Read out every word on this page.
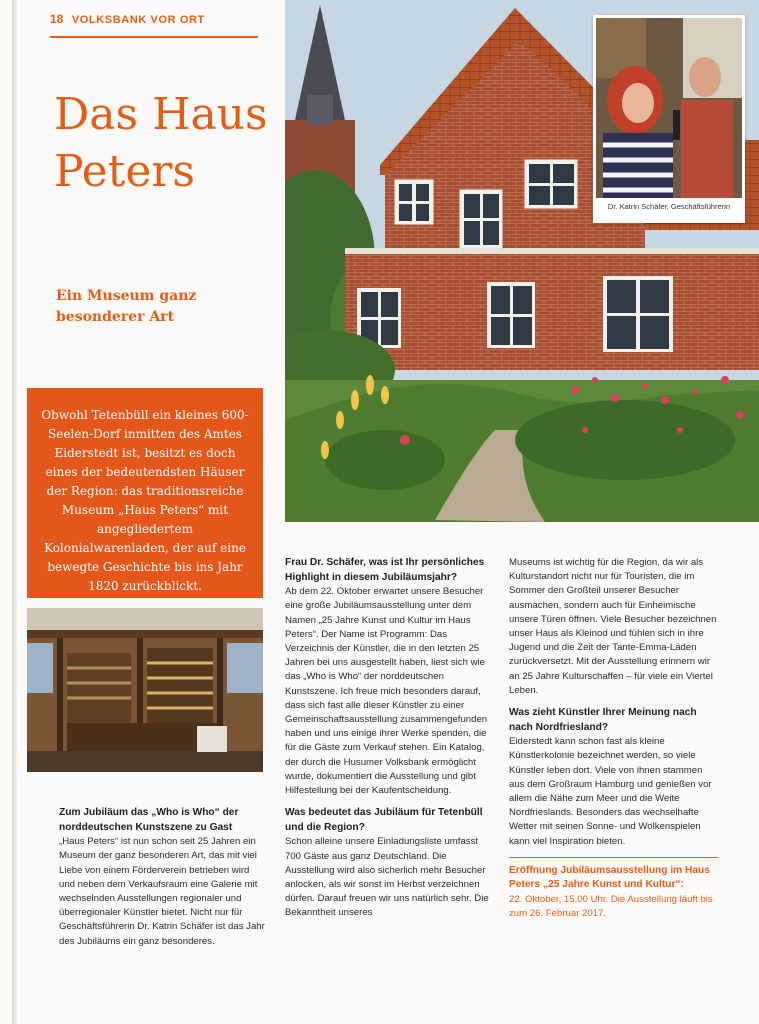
18 VOLKSBANK VOR ORT
Das Haus Peters

Ein Museum ganz besonderer Art

Obwohl Tetenbüll ein kleines 600-Seelen-Dorf inmitten des Amtes Eiderstedt ist, besitzt es doch eines der bedeutendsten Häuser der Region: das traditionsreiche Museum „Haus Peters“ mit angegliedertem Kolonialwarenladen, der auf eine bewegte Geschichte bis ins Jahr 1820 zurückblickt.

Dr. Katrin Schäfer, Geschäftsführerin

Zum Jubiläum das „Who is Who“ der norddeutschen Kunstszene zu Gast

„Haus Peters“ ist nun schon seit 25 Jahren ein Museum der ganz besonderen Art, das mit viel Liebe von einem Förderverein betrieben wird und neben dem Verkaufsraum eine Galerie mit wechselnden Ausstellungen regionaler und überregionaler Künstler bietet. Nicht nur für Geschäftsführerin Dr. Katrin Schäfer ist das Jahr des Jubiläums ein ganz besonderes.

Frau Dr. Schäfer, was ist Ihr persönliches Highlight in diesem Jubiläumsjahr?

Ab dem 22. Oktober erwartet unsere Besucher eine große Jubiläumsausstellung unter dem Namen „25 Jahre Kunst und Kultur im Haus Peters“. Der Name ist Programm: Das Verzeichnis der Künstler, die in den letzten 25 Jahren bei uns ausgestellt haben, liest sich wie das „Who is Who“ der norddeutschen Kunstszene. Ich freue mich besonders darauf, dass sich fast alle dieser Künstler zu einer Gemeinschaftsausstellung zusammengefunden haben und uns einige ihrer Werke spenden, die für die Gäste zum Verkauf stehen. Ein Katalog, der durch die Husumer Volksbank ermöglicht wurde, dokumentiert die Ausstellung und gibt Hilfestellung bei der Kaufentscheidung.

Was bedeutet das Jubiläum für Tetenbüll und die Region?

Schon alleine unsere Einladungsliste umfasst 700 Gäste aus ganz Deutschland. Die Ausstellung wird also sicherlich mehr Besucher anlocken, als wir sonst im Herbst verzeichnen dürfen. Darauf freuen wir uns natürlich sehr. Die Bekanntheit unseres

Museums ist wichtig für die Region, da wir als Kulturstandort nicht nur für Touristen, die im Sommer den Großteil unserer Besucher ausmachen, sondern auch für Einheimische unsere Türen öffnen. Viele Besucher bezeichnen unser Haus als Kleinod und fühlen sich in ihre Jugend und die Zeit der Tante-Emma-Läden zurückversetzt. Mit der Ausstellung erinnern wir an 25 Jahre Kulturschaffen – für viele ein Viertel Leben.

Was zieht Künstler Ihrer Meinung nach nach Nordfriesland?

Eiderstedt kann schon fast als kleine Künstlerkolonie bezeichnet werden, so viele Künstler leben dort. Viele von ihnen stammen aus dem Großraum Hamburg und genießen vor allem die Nähe zum Meer und die Weite Nordfrieslands. Besonders das wechselhafte Wetter mit seinen Sonne- und Wolkenspielen kann viel Inspiration bieten.

Eröffnung Jubiläumsausstellung im Haus Peters „25 Jahre Kunst und Kultur“:

22. Oktober, 15.00 Uhr. Die Ausstellung läuft bis zum 26. Februar 2017.
